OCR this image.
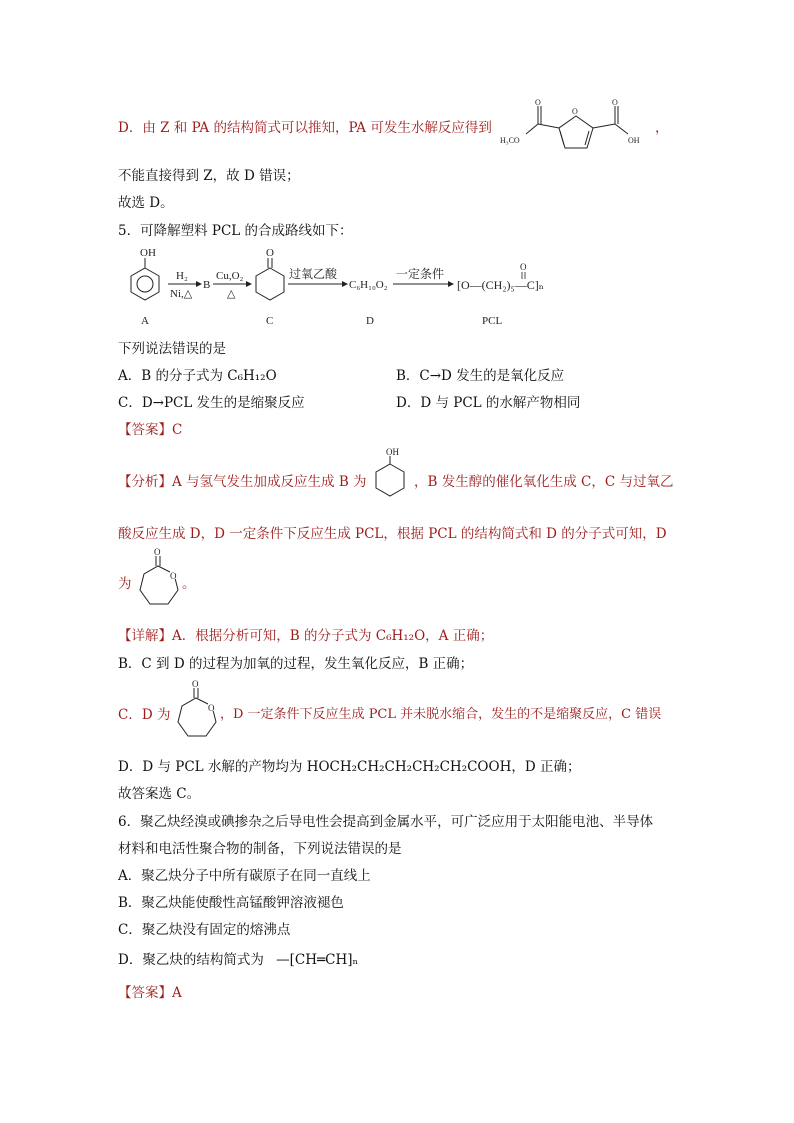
D．由 Z 和 PA 的结构简式可以推知，PA 可发生水解反应得到
O
O	O
H₃CO	OH
，
不能直接得到 Z，故 D 错误；
故选 D。
5．可降解塑料 PCL 的合成路线如下：
OH
H₂
Ni,△
B
Cu,O₂
△
O
过氧乙酸
C₆H₁₀O₂
一定条件
[O—(CH₂)₅—C]ₙ
O
A	C	D	PCL
下列说法错误的是
A．B 的分子式为 C₆H₁₂O	B．C→D 发生的是氧化反应
C．D→PCL 发生的是缩聚反应	D．D 与 PCL 的水解产物相同
【答案】C
【分析】A 与氢气发生加成反应生成 B 为
OH
，B 发生醇的催化氧化生成 C，C 与过氧乙
酸反应生成 D，D 一定条件下反应生成 PCL，根据 PCL 的结构简式和 D 的分子式可知，D
为
O
O 。
【详解】A．根据分析可知，B 的分子式为 C₆H₁₂O，A 正确；
B．C 到 D 的过程为加氧的过程，发生氧化反应，B 正确；
C．D 为
O
O ，D 一定条件下反应生成 PCL 并未脱水缩合，发生的不是缩聚反应，C 错误
D．D 与 PCL 水解的产物均为 HOCH₂CH₂CH₂CH₂CH₂COOH，D 正确；
故答案选 C。
6．聚乙炔经溴或碘掺杂之后导电性会提高到金属水平，可广泛应用于太阳能电池、半导体
材料和电活性聚合物的制备，下列说法错误的是
A．聚乙炔分子中所有碳原子在同一直线上
B．聚乙炔能使酸性高锰酸钾溶液褪色
C．聚乙炔没有固定的熔沸点
D．聚乙炔的结构简式为 —[CH═CH]ₙ
【答案】A
